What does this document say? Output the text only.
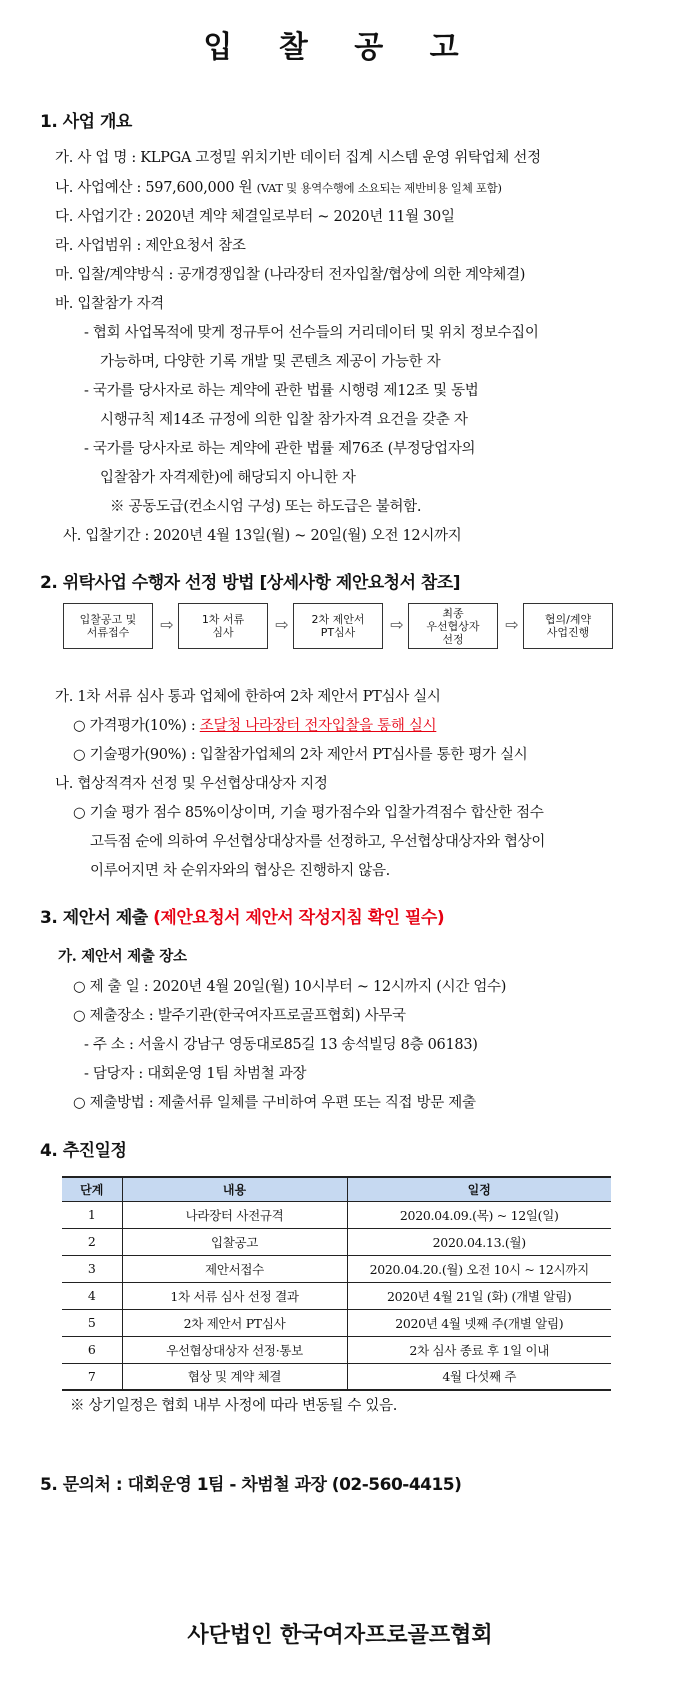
입 찰 공 고
1. 사업 개요
가. 사 업 명 : KLPGA 고정밀 위치기반 데이터 집계 시스템 운영 위탁업체 선정
나. 사업예산 : 597,600,000 원 (VAT 및 용역수행에 소요되는 제반비용 일체 포함)
다. 사업기간 : 2020년 계약 체결일로부터 ~ 2020년 11월 30일
라. 사업범위 : 제안요청서 참조
마. 입찰/계약방식 : 공개경쟁입찰 (나라장터 전자입찰/협상에 의한 계약체결)
바. 입찰참가 자격
- 협회 사업목적에 맞게 정규투어 선수들의 거리데이터 및 위치 정보수집이
가능하며, 다양한 기록 개발 및 콘텐츠 제공이 가능한 자
- 국가를 당사자로 하는 계약에 관한 법률 시행령 제12조 및 동법
시행규칙 제14조 규정에 의한 입찰 참가자격 요건을 갖춘 자
- 국가를 당사자로 하는 계약에 관한 법률 제76조 (부정당업자의
입찰참가 자격제한)에 해당되지 아니한 자
※ 공동도급(컨소시엄 구성) 또는 하도급은 불허함.
사. 입찰기간 : 2020년 4월 13일(월) ~ 20일(월) 오전 12시까지
2. 위탁사업 수행자 선정 방법 [상세사항 제안요청서 참조]
입찰공고 및
서류접수	⇨	1차 서류
심사	⇨	2차 제안서
PT심사	⇨
최종
우선협상자
선정
⇨	협의/계약
사업진행
가. 1차 서류 심사 통과 업체에 한하여 2차 제안서 PT심사 실시
○ 가격평가(10%) : 조달청 나라장터 전자입찰을 통해 실시
○ 기술평가(90%) : 입찰참가업체의 2차 제안서 PT심사를 통한 평가 실시
나. 협상적격자 선정 및 우선협상대상자 지정
○ 기술 평가 점수 85%이상이며, 기술 평가점수와 입찰가격점수 합산한 점수
고득점 순에 의하여 우선협상대상자를 선정하고, 우선협상대상자와 협상이
이루어지면 차 순위자와의 협상은 진행하지 않음.
3. 제안서 제출 (제안요청서 제안서 작성지침 확인 필수)
가. 제안서 제출 장소
○ 제 출 일 : 2020년 4월 20일(월) 10시부터 ~ 12시까지 (시간 엄수)
○ 제출장소 : 발주기관(한국여자프로골프협회) 사무국
- 주 소 : 서울시 강남구 영동대로85길 13 송석빌딩 8층 06183)
- 담당자 : 대회운영 1팀 차범철 과장
○ 제출방법 : 제출서류 일체를 구비하여 우편 또는 직접 방문 제출
4. 추진일정
단계	내용	일정
1	나라장터 사전규격	2020.04.09.(목) ~ 12일(일)
2	입찰공고	2020.04.13.(월)
3	제안서접수	2020.04.20.(월) 오전 10시 ~ 12시까지
4	1차 서류 심사 선정 결과	2020년 4월 21일 (화) (개별 알림)
5	2차 제안서 PT심사	2020년 4월 넷째 주(개별 알림)
6	우선협상대상자 선정·통보	2차 심사 종료 후 1일 이내
7	협상 및 계약 체결	4월 다섯째 주
※ 상기일정은 협회 내부 사정에 따라 변동될 수 있음.
5. 문의처 : 대회운영 1팀 - 차범철 과장 (02-560-4415)
사단법인 한국여자프로골프협회
